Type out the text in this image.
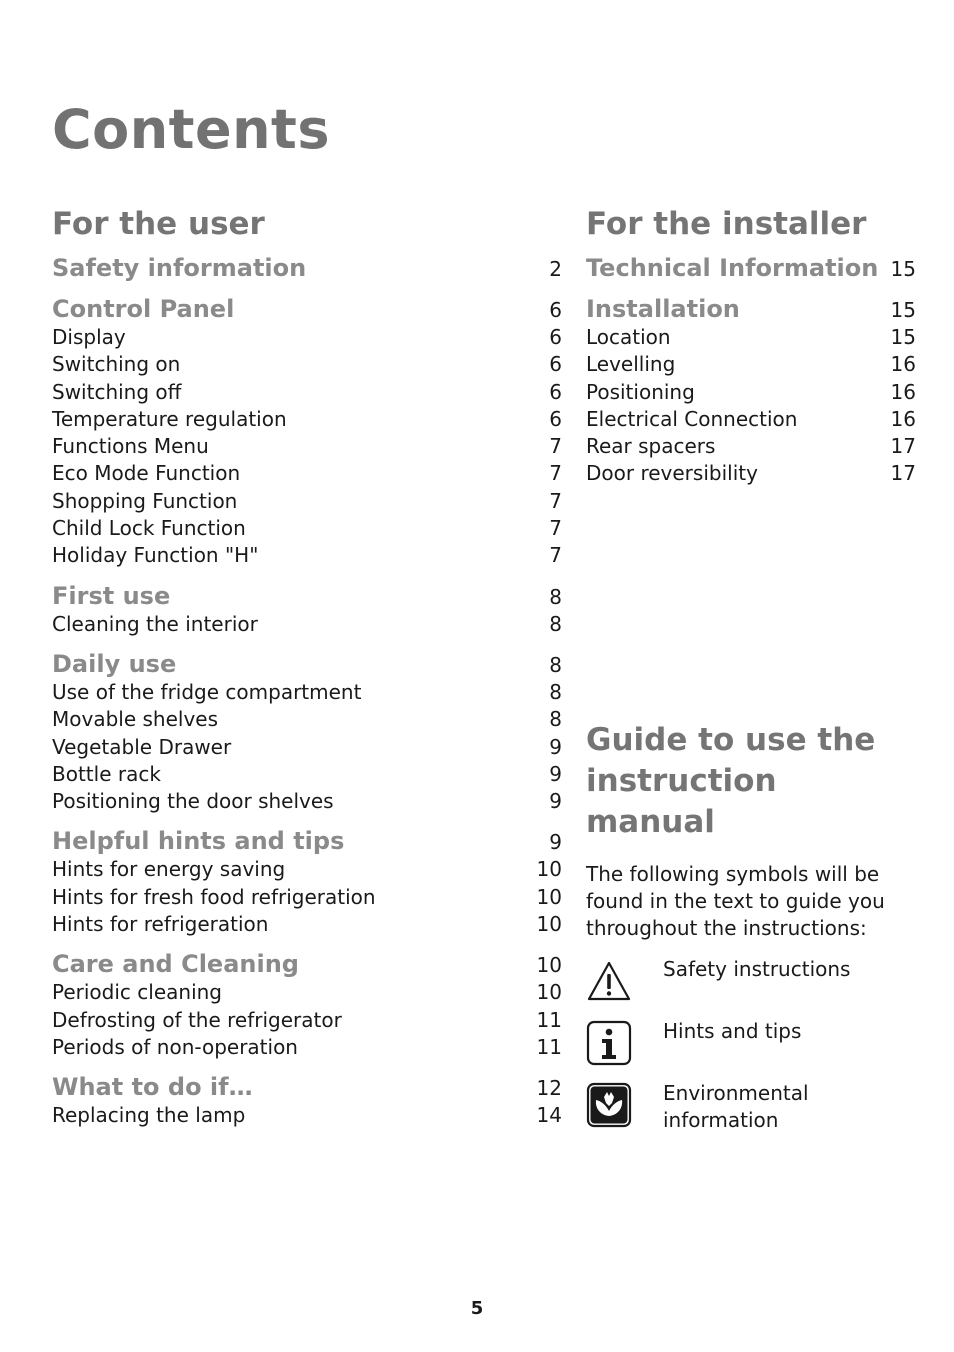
Contents
For the user
Safety information	2
Control Panel	6
Display	6
Switching on	6
Switching off	6
Temperature regulation	6
Functions Menu	7
Eco Mode Function	7
Shopping Function	7
Child Lock Function	7
Holiday Function "H"	7
First use	8
Cleaning the interior	8
Daily use	8
Use of the fridge compartment	8
Movable shelves	8
Vegetable Drawer	9
Bottle rack	9
Positioning the door shelves	9
Helpful hints and tips	9
Hints for energy saving	10
Hints for fresh food refrigeration	10
Hints for refrigeration	10
Care and Cleaning	10
Periodic cleaning	10
Defrosting of the refrigerator	11
Periods of non-operation	11
What to do if…	12
Replacing the lamp	14
For the installer
Technical Information 15
Installation	15
Location	15
Levelling	16
Positioning	16
Electrical Connection	16
Rear spacers	17
Door reversibility	17
Guide to use the instruction manual
The following symbols will be found in the text to guide you throughout the instructions:
Safety instructions
Hints and tips
Environmental information
5
